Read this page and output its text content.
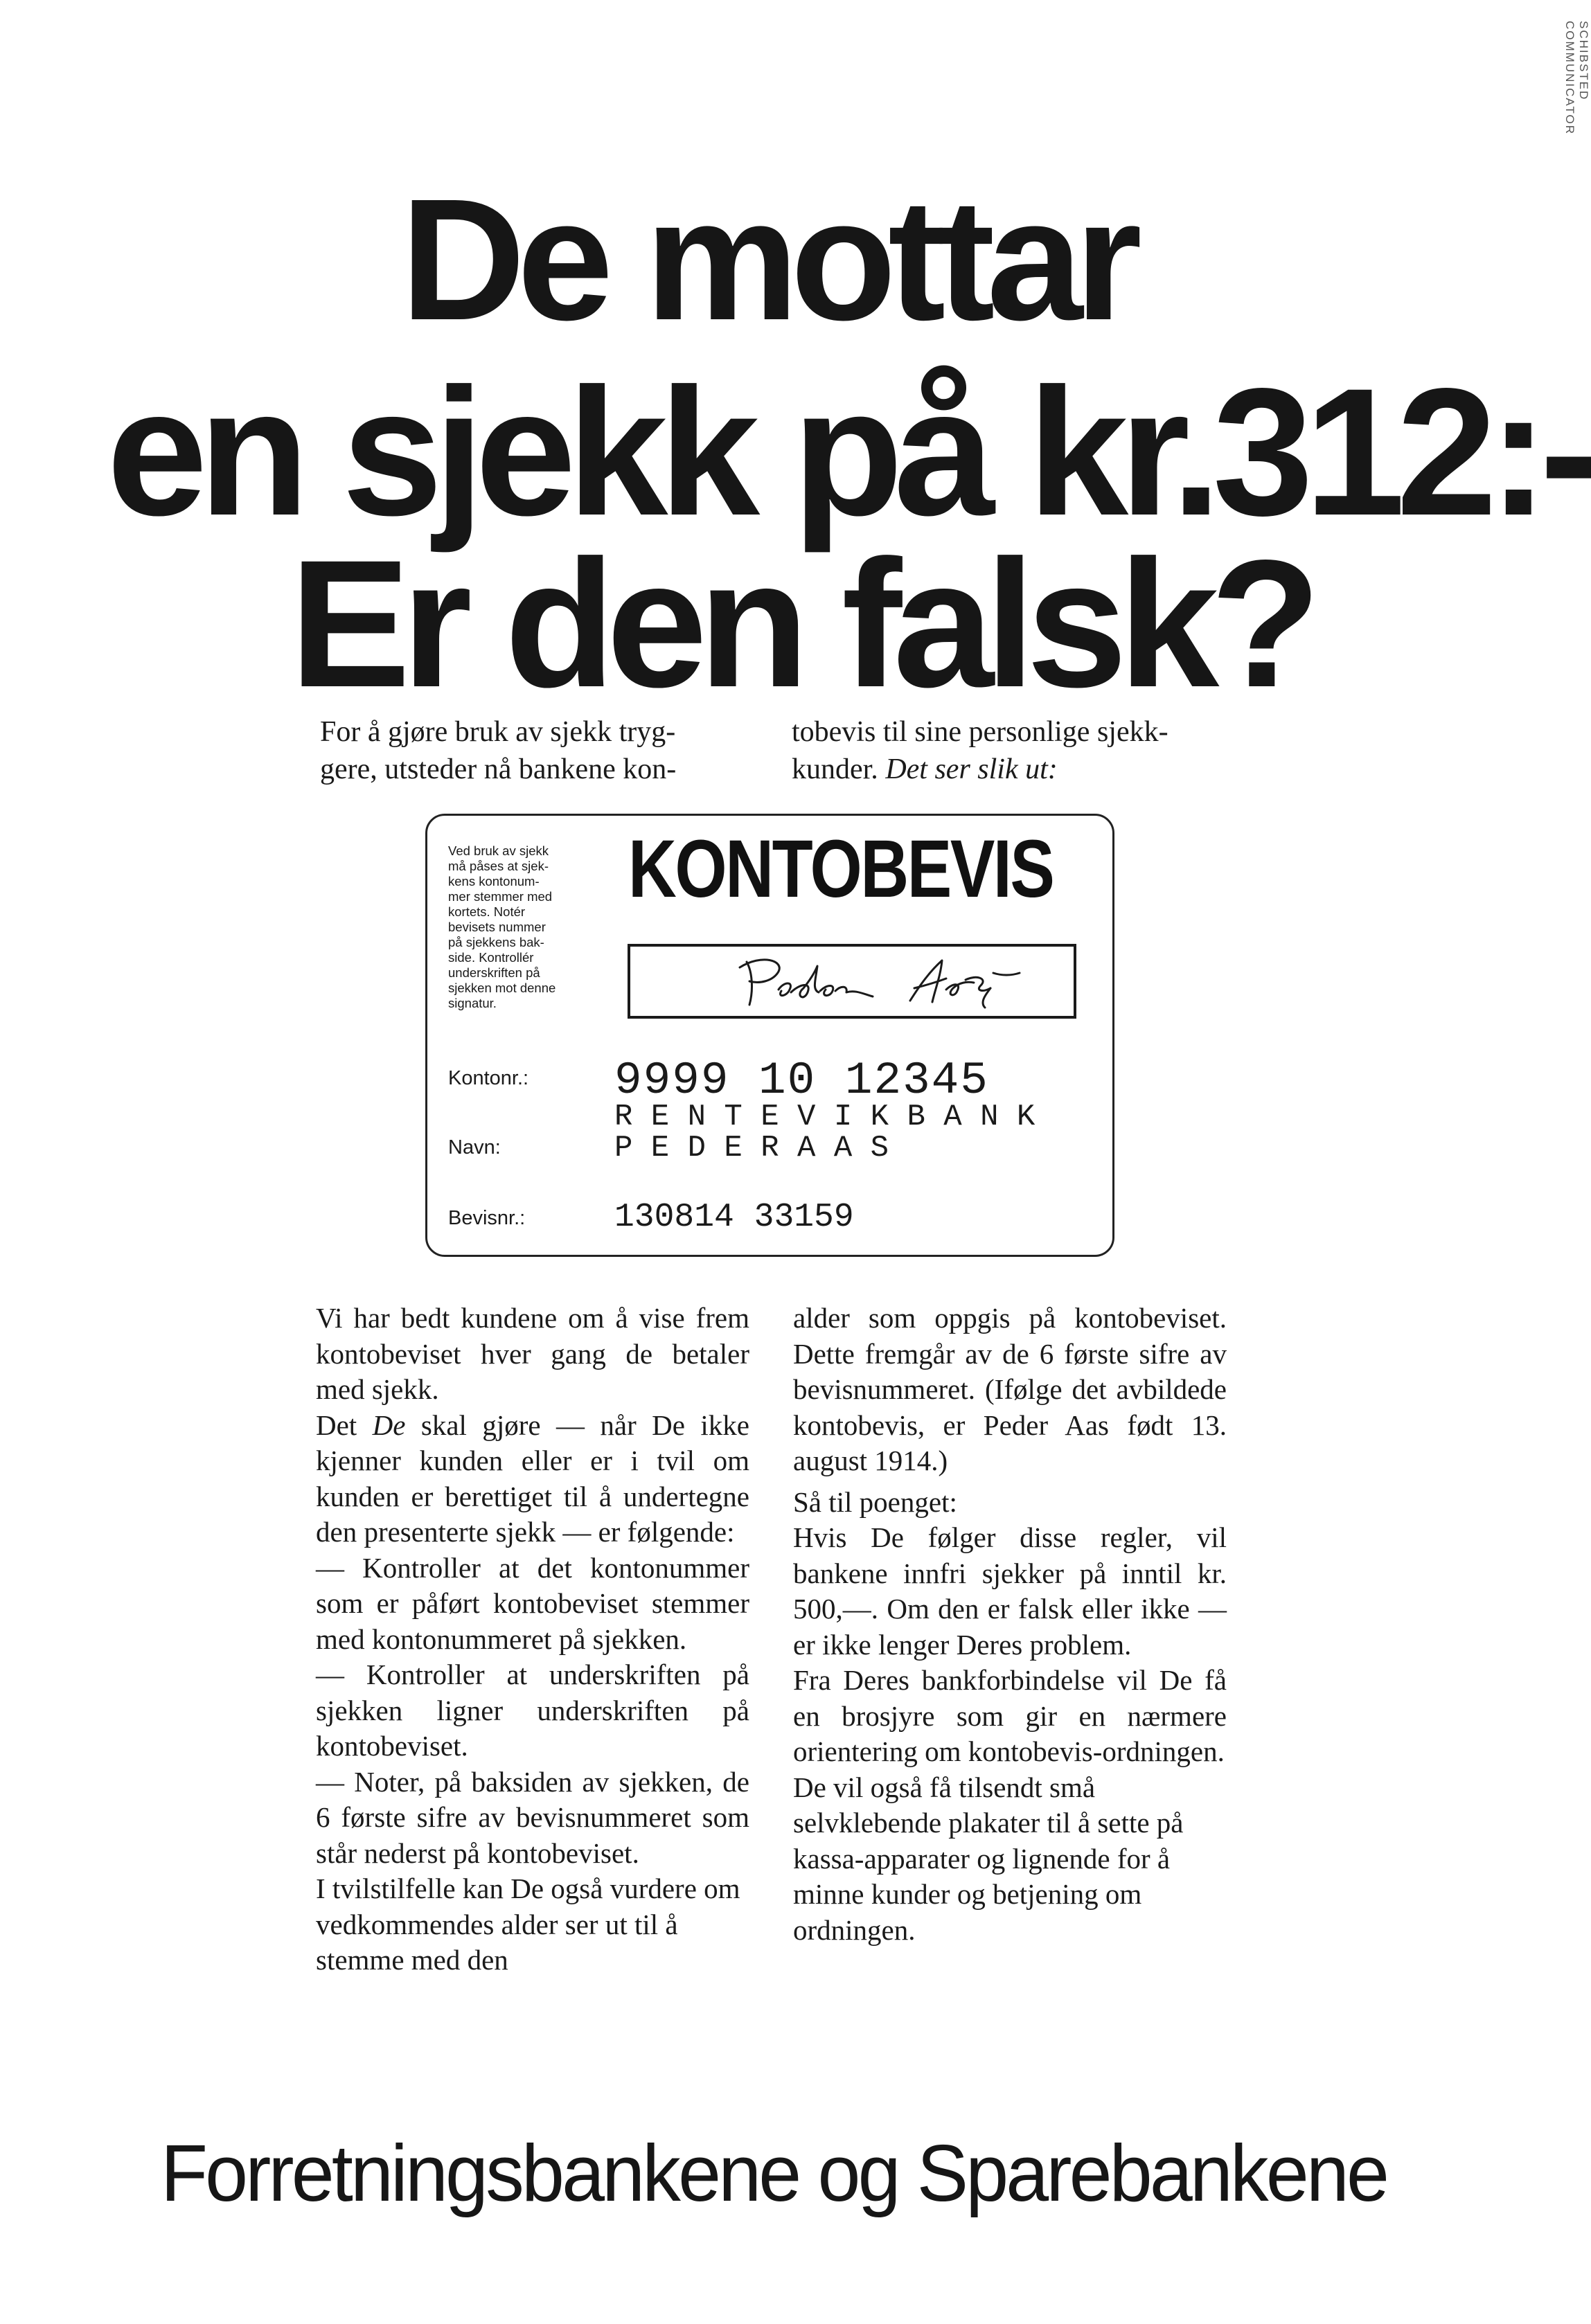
SCHIBSTED COMMUNICATOR
De mottar
en sjekk på kr.312:-
Er den falsk?
For å gjøre bruk av sjekk tryg-
gere, utsteder nå bankene kon-
tobevis til sine personlige sjekk-
kunder. Det ser slik ut:
Ved bruk av sjekk
må påses at sjek-
kens kontonum-
mer stemmer med
kortets. Notér
bevisets nummer
på sjekkens bak-
side. Kontrollér
underskriften på
sjekken mot denne
signatur.
KONTOBEVIS
Kontonr.: 9999 10 12345
R E N T E V I K B A N K
Navn:	P E D E R A A S
Bevisnr.:	130814 33159

Vi har bedt kundene om å vise frem kontobeviset hver gang de betaler med sjekk.

Det De skal gjøre — når De ikke kjenner kunden eller er i tvil om kunden er berettiget til å undertegne den presenterte sjekk — er følgende:

— Kontroller at det kontonummer som er påført kontobeviset stemmer med kontonummeret på sjekken.

— Kontroller at underskriften på sjekken ligner underskriften på kontobeviset.

— Noter, på baksiden av sjekken, de 6 første sifre av bevisnummeret som står nederst på kontobeviset.

I tvilstilfelle kan De også vurdere om vedkommendes alder ser ut til å stemme med den

alder som oppgis på kontobeviset. Dette fremgår av de 6 første sifre av bevisnummeret. (Ifølge det avbildede kontobevis, er Peder Aas født 13. august 1914.)

Så til poenget:

Hvis De følger disse regler, vil bankene innfri sjekker på inntil kr. 500,—. Om den er falsk eller ikke — er ikke lenger Deres problem.

Fra Deres bankforbindelse vil De få en brosjyre som gir en nærmere orientering om kontobevis-ordningen.

De vil også få tilsendt små selvklebende plakater til å sette på kassa-apparater og lignende for å minne kunder og betjening om ordningen.

Forretningsbankene og Sparebankene
